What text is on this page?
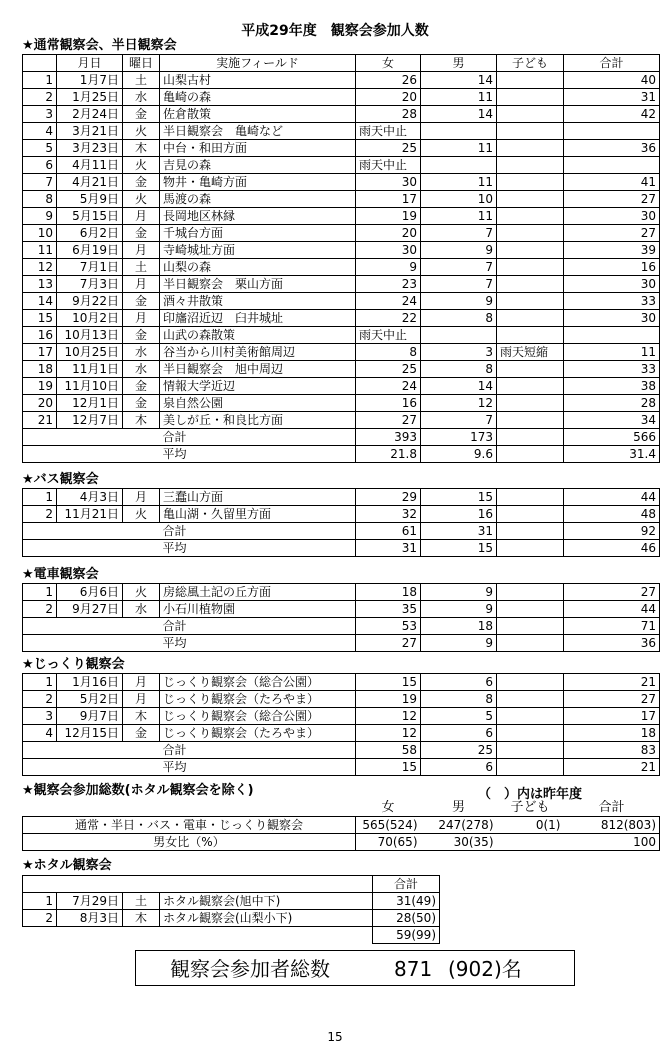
平成29年度　観察会参加人数
★通常観察会、半日観察会
	月日	曜日	実施フィールド	女	男	子ども	合計
1	1月7日	土	山梨古村	26	14		40
2	1月25日	水	亀崎の森	20	11		31
3	2月24日	金	佐倉散策	28	14		42
4	3月21日	火	半日観察会　亀崎など	雨天中止			
5	3月23日	木	中台・和田方面	25	11		36
6	4月11日	火	吉見の森	雨天中止			
7	4月21日	金	物井・亀崎方面	30	11		41
8	5月9日	火	馬渡の森	17	10		27
9	5月15日	月	長岡地区林縁	19	11		30
10	6月2日	金	千城台方面	20	7		27
11	6月19日	月	寺崎城址方面	30	9		39
12	7月1日	土	山梨の森	9	7		16
13	7月3日	月	半日観察会　栗山方面	23	7		30
14	9月22日	金	酒々井散策	24	9		33
15	10月2日	月	印旛沼近辺　臼井城址	22	8		30
16	10月13日	金	山武の森散策	雨天中止			
17	10月25日	水	谷当から川村美術館周辺	8	3	雨天短縮	11
18	11月1日	水	半日観察会　旭中周辺	25	8		33
19	11月10日	金	情報大学近辺	24	14		38
20	12月1日	金	泉自然公園	16	12		28
21	12月7日	木	美しが丘・和良比方面	27	7		34
			合計	393	173		566
			平均	21.8	9.6		31.4
★バス観察会
1	4月3日	月	三蠢山方面	29	15		44
2	11月21日	火	亀山湖・久留里方面	32	16		48
			合計	61	31		92
			平均	31	15		46
★電車観察会
1	6月6日	火	房総風土記の丘方面	18	9		27
2	9月27日	水	小石川植物園	35	9		44
			合計	53	18		71
			平均	27	9		36
★じっくり観察会
1	1月16日	月	じっくり観察会（総合公園）	15	6		21
2	5月2日	月	じっくり観察会（たろやま）	19	8		27
3	9月7日	木	じっくり観察会（総合公園）	12	5		17
4	12月15日	金	じっくり観察会（たろやま）	12	6		18
			合計	58	25		83
			平均	15	6		21
★観察会参加総数(ホタル観察会を除く)	（　）内は昨年度
	女	男	子ども	合計
通常・半日・バス・電車・じっくり観察会	565(524)	247(278)	0(1)	812(803)
男女比（%）	70(65)	30(35)		100
★ホタル観察会
				合計
1	7月29日	土	ホタル観察会(旭中下)	31(49)
2	8月3日	木	ホタル観察会(山梨小下)	28(50)
				59(99)
観察会参加者総数	871 (902)名
15
